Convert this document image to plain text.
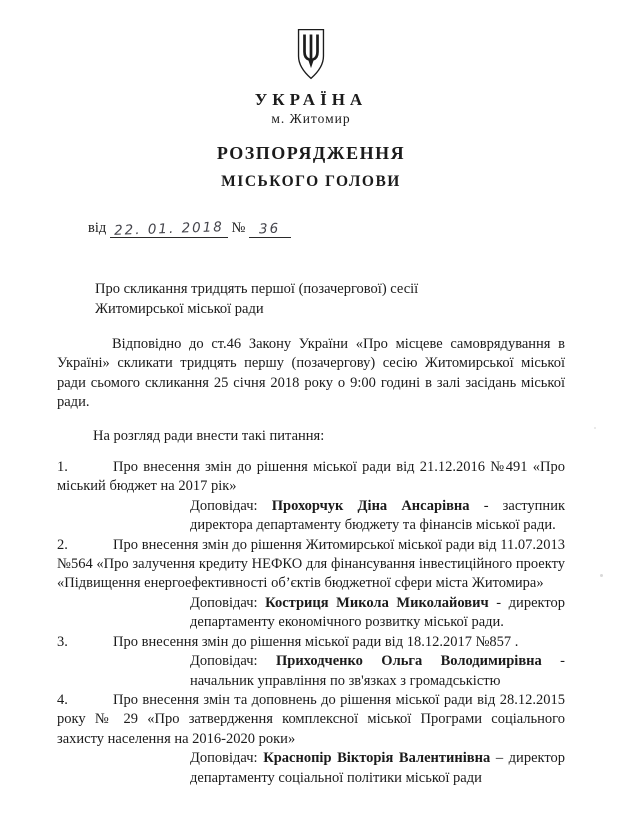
УКРАЇНА
м. Житомир
РОЗПОРЯДЖЕННЯ
МІСЬКОГО ГОЛОВИ
від 22. 01. 2018 № 36
Про скликання тридцять першої (позачергової) сесії
Житомирської міської ради

Відповідно до ст.46 Закону України «Про місцеве самоврядування в Україні» скликати тридцять першу (позачергову) сесію Житомирської міської ради сьомого скликання 25 січня 2018 року о 9:00 годині в залі засідань міської ради.

На розгляд ради внести такі питання:

1.	Про внесення змін до рішення міської ради від 21.12.2016 №491 «Про міський бюджет на 2017 рік»

Доповідач: Прохорчук Діна Ансарівна - заступник директора департаменту бюджету та фінансів міської ради.

2.	Про внесення змін до рішення Житомирської міської ради від 11.07.2013 №564 «Про залучення кредиту НЕФКО для фінансування інвестиційного проекту «Підвищення енергоефективності об’єктів бюджетної сфери міста Житомира»

Доповідач: Костриця Микола Миколайович - директор департаменту економічного розвитку міської ради.

3.	Про внесення змін до рішення міської ради від 18.12.2017 №857 .

Доповідач: Приходченко Ольга Володимирівна - начальник управління по зв'язках з громадськістю

4.	Про внесення змін та доповнень до рішення міської ради від 28.12.2015 року № 29 «Про затвердження комплексної міської Програми соціального захисту населення на 2016-2020 роки»

Доповідач: Краснопір Вікторія Валентинівна – директор департаменту соціальної політики міської ради
